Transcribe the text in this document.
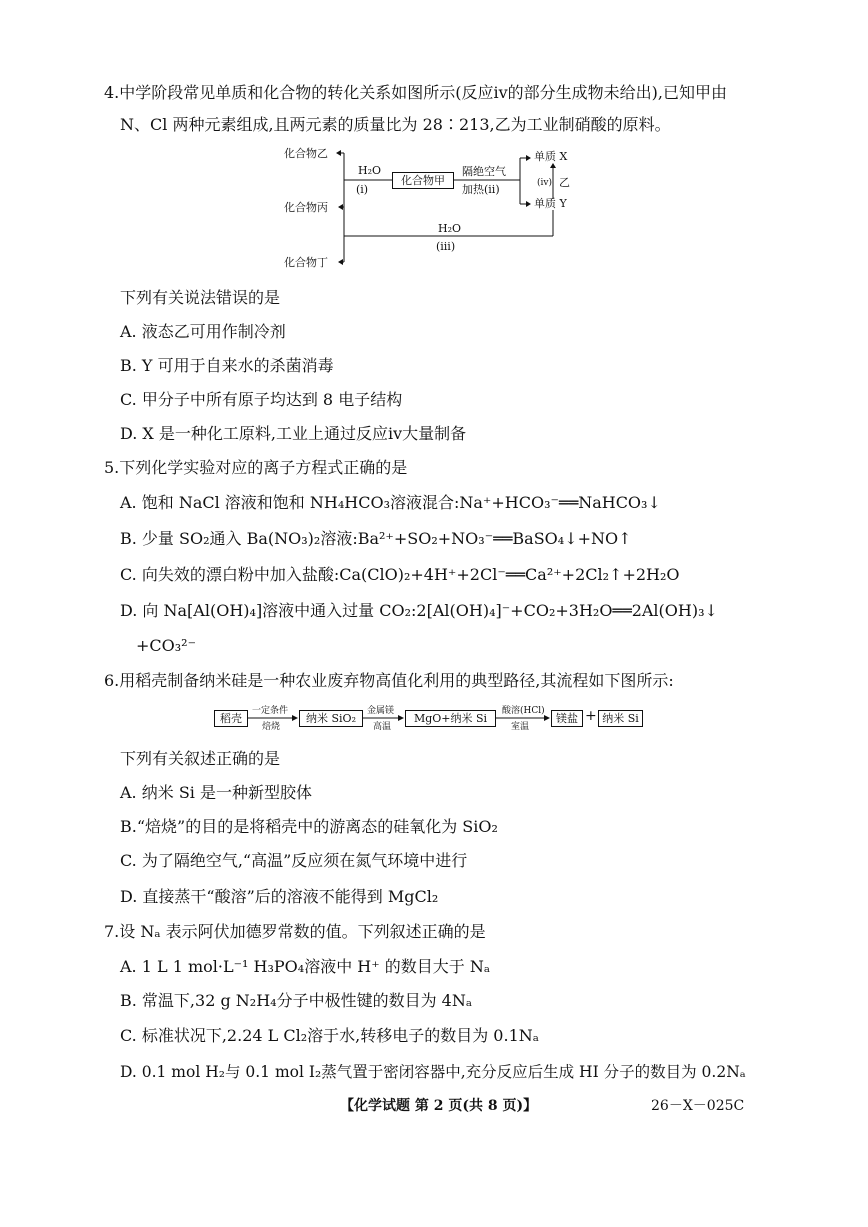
4.中学阶段常见单质和化合物的转化关系如图所示(反应ⅳ的部分生成物未给出),已知甲由
N、Cl 两种元素组成,且两元素的质量比为 28∶213,乙为工业制硝酸的原料。
化合物乙
化合物丙
化合物丁
H₂O
(ⅰ)
化合物甲
隔绝空气
加热(ⅱ)
单质 X
单质 Y
(ⅳ) 乙
H₂O
(ⅲ)
下列有关说法错误的是
A. 液态乙可用作制冷剂
B. Y 可用于自来水的杀菌消毒
C. 甲分子中所有原子均达到 8 电子结构
D. X 是一种化工原料,工业上通过反应ⅳ大量制备
5.下列化学实验对应的离子方程式正确的是
A. 饱和 NaCl 溶液和饱和 NH₄HCO₃溶液混合:Na⁺+HCO₃⁻══NaHCO₃↓
B. 少量 SO₂通入 Ba(NO₃)₂溶液:Ba²⁺+SO₂+NO₃⁻══BaSO₄↓+NO↑
C. 向失效的漂白粉中加入盐酸:Ca(ClO)₂+4H⁺+2Cl⁻══Ca²⁺+2Cl₂↑+2H₂O
D. 向 Na[Al(OH)₄]溶液中通入过量 CO₂:2[Al(OH)₄]⁻+CO₂+3H₂O══2Al(OH)₃↓
+CO₃²⁻
6.用稻壳制备纳米硅是一种农业废弃物高值化利用的典型路径,其流程如下图所示:
稻壳
一定条件
焙烧
纳米 SiO₂
金属镁
高温
MgO+纳米 Si
酸溶(HCl)
室温
镁盐 + 纳米 Si
下列有关叙述正确的是
A. 纳米 Si 是一种新型胶体
B.“焙烧”的目的是将稻壳中的游离态的硅氧化为 SiO₂
C. 为了隔绝空气,“高温”反应须在氮气环境中进行
D. 直接蒸干“酸溶”后的溶液不能得到 MgCl₂
7.设 Nₐ 表示阿伏加德罗常数的值。下列叙述正确的是
A. 1 L 1 mol·L⁻¹ H₃PO₄溶液中 H⁺ 的数目大于 Nₐ
B. 常温下,32 g N₂H₄分子中极性键的数目为 4Nₐ
C. 标准状况下,2.24 L Cl₂溶于水,转移电子的数目为 0.1Nₐ
D. 0.1 mol H₂与 0.1 mol I₂蒸气置于密闭容器中,充分反应后生成 HI 分子的数目为 0.2Nₐ
【化学试题 第 2 页(共 8 页)】	26－X－025C
